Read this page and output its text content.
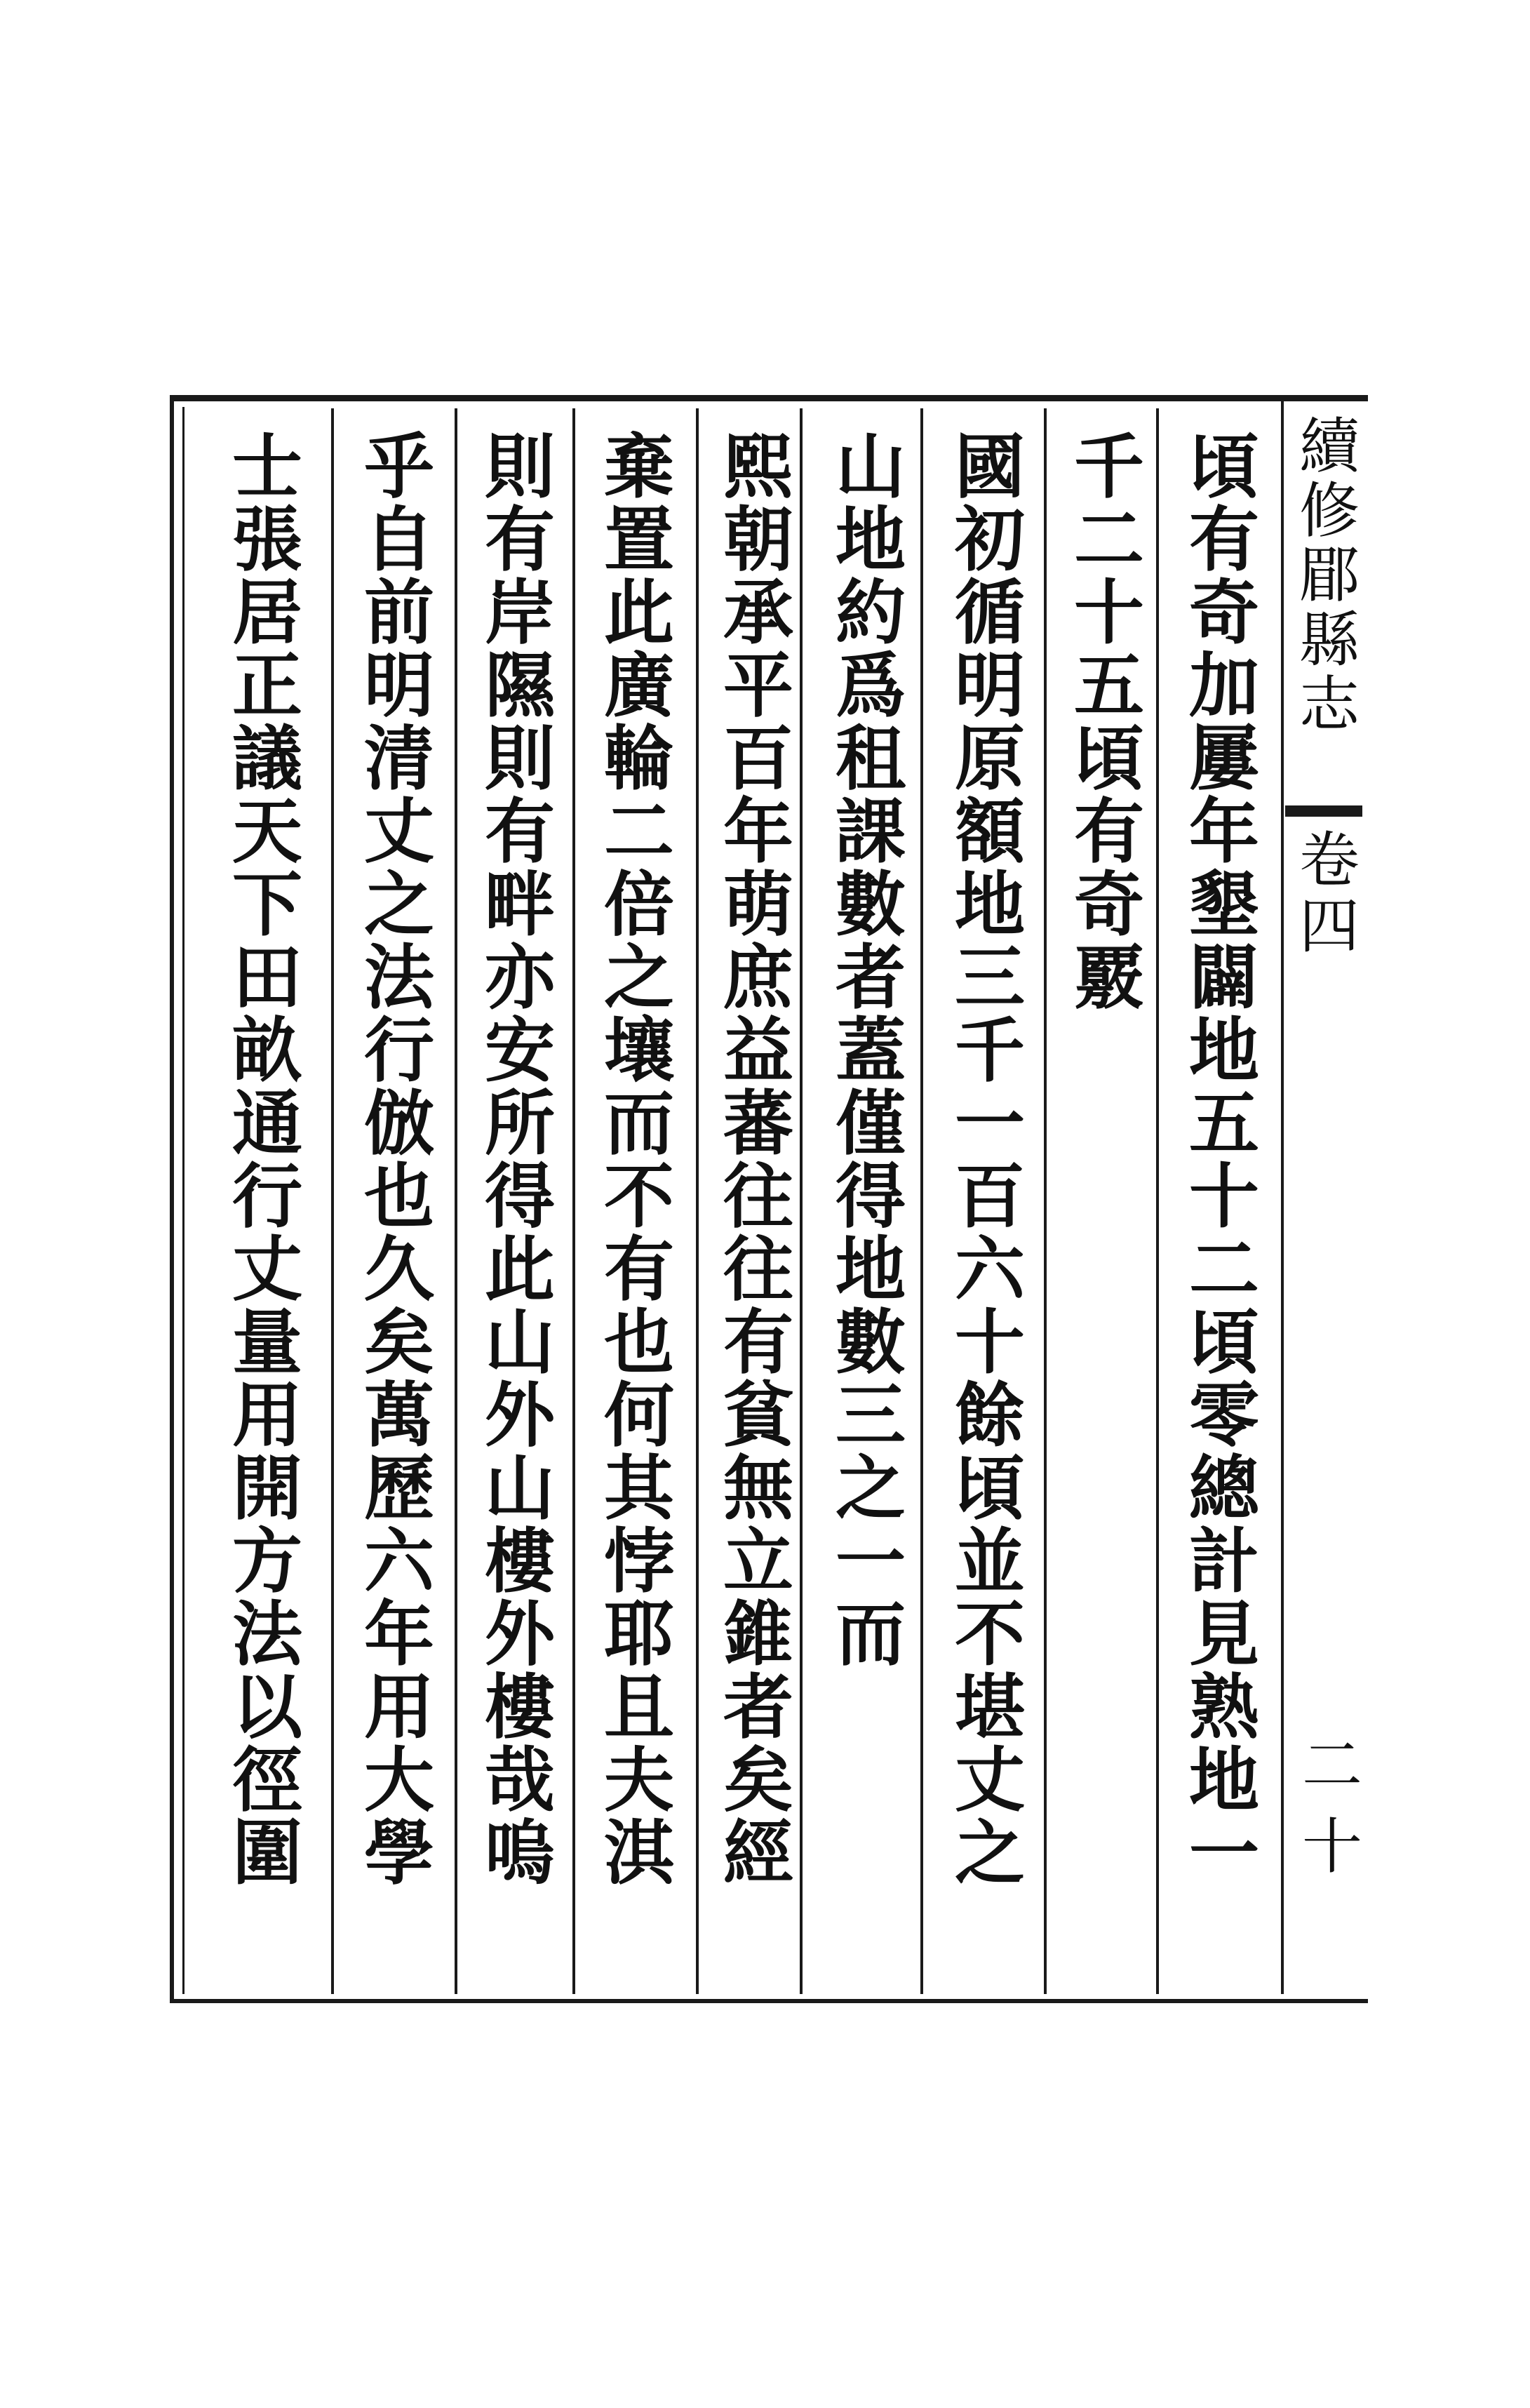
續修郿縣志
卷四
二十
頃有奇加屢年墾闢地五十二頃零總計見熟地一
千二十五頃有奇覈
國初循明原額地三千一百六十餘頃並不堪丈之
山地約爲租課數者蓋僅得地數三之一而
熙朝承平百年萌庶益蕃往往有貧無立錐者矣經
棄置此廣輪二倍之壤而不有也何其悖耶且夫淇
則有岸隰則有畔亦安所得此山外山樓外樓哉嗚
乎自前明清丈之法行倣也久矣萬歷六年用大學
士張居正議天下田畝通行丈量用開方法以徑圍
